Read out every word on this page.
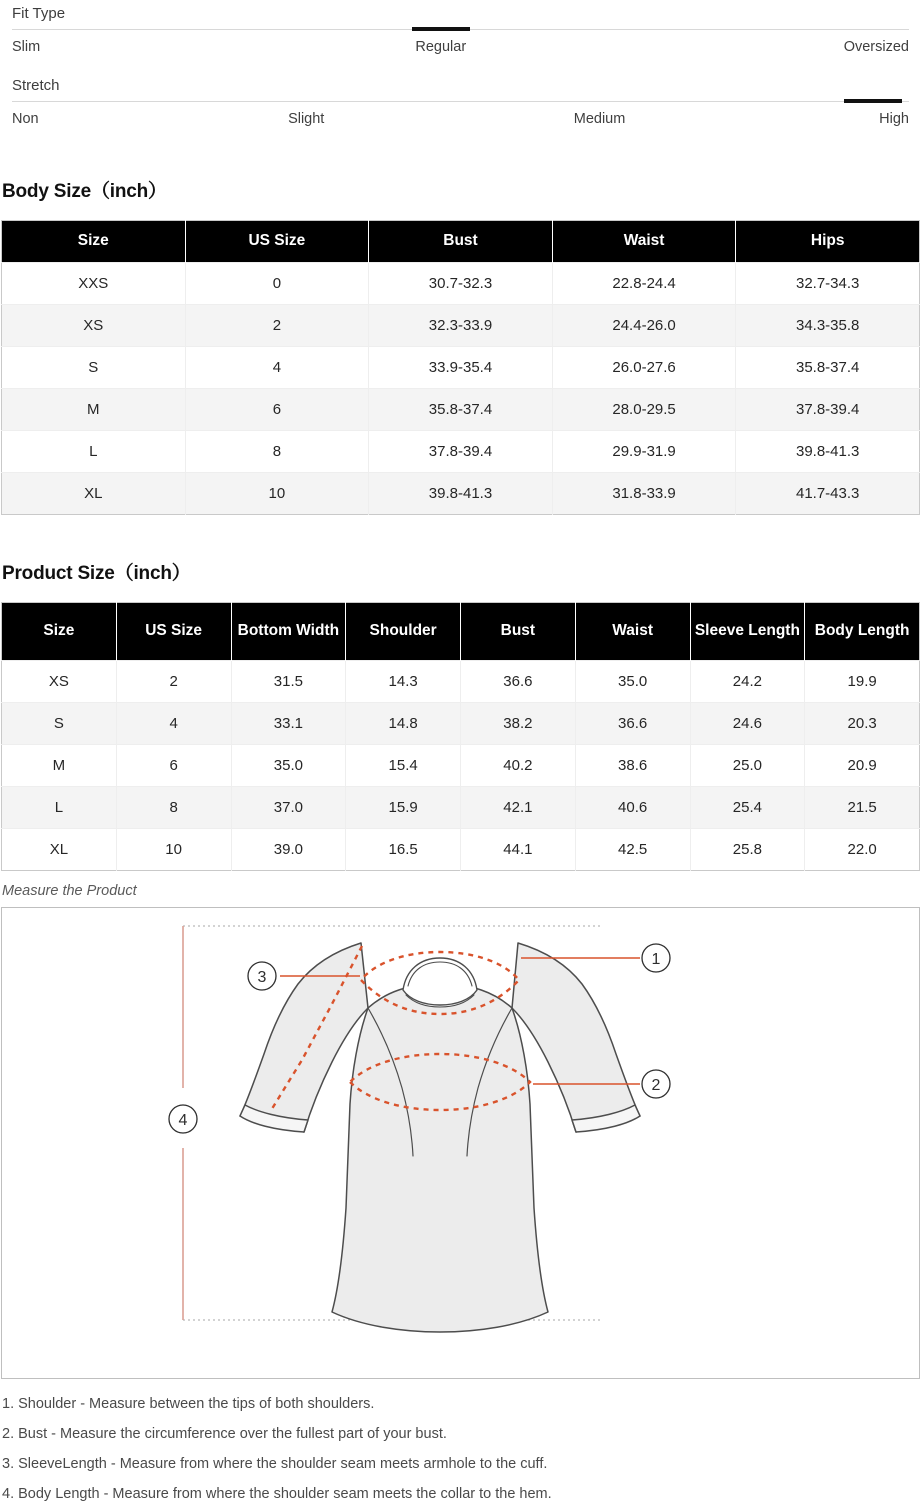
Fit Type
Slim	Regular	Oversized
Stretch
Non	Slight	Medium	High
Body Size（inch）
Size	US Size	Bust	Waist	Hips
XXS	0	30.7-32.3	22.8-24.4	32.7-34.3
XS	2	32.3-33.9	24.4-26.0	34.3-35.8
S	4	33.9-35.4	26.0-27.6	35.8-37.4
M	6	35.8-37.4	28.0-29.5	37.8-39.4
L	8	37.8-39.4	29.9-31.9	39.8-41.3
XL	10	39.8-41.3	31.8-33.9	41.7-43.3
Product Size（inch）
Size	US Size	Bottom Width	Shoulder	Bust	Waist	Sleeve Length	Body Length
XS	2	31.5	14.3	36.6	35.0	24.2	19.9
S	4	33.1	14.8	38.2	36.6	24.6	20.3
M	6	35.0	15.4	40.2	38.6	25.0	20.9
L	8	37.0	15.9	42.1	40.6	25.4	21.5
XL	10	39.0	16.5	44.1	42.5	25.8	22.0
Measure the Product
1
2
3
4
1. Shoulder - Measure between the tips of both shoulders.
2. Bust - Measure the circumference over the fullest part of your bust.
3. SleeveLength - Measure from where the shoulder seam meets armhole to the cuff.
4. Body Length - Measure from where the shoulder seam meets the collar to the hem.
